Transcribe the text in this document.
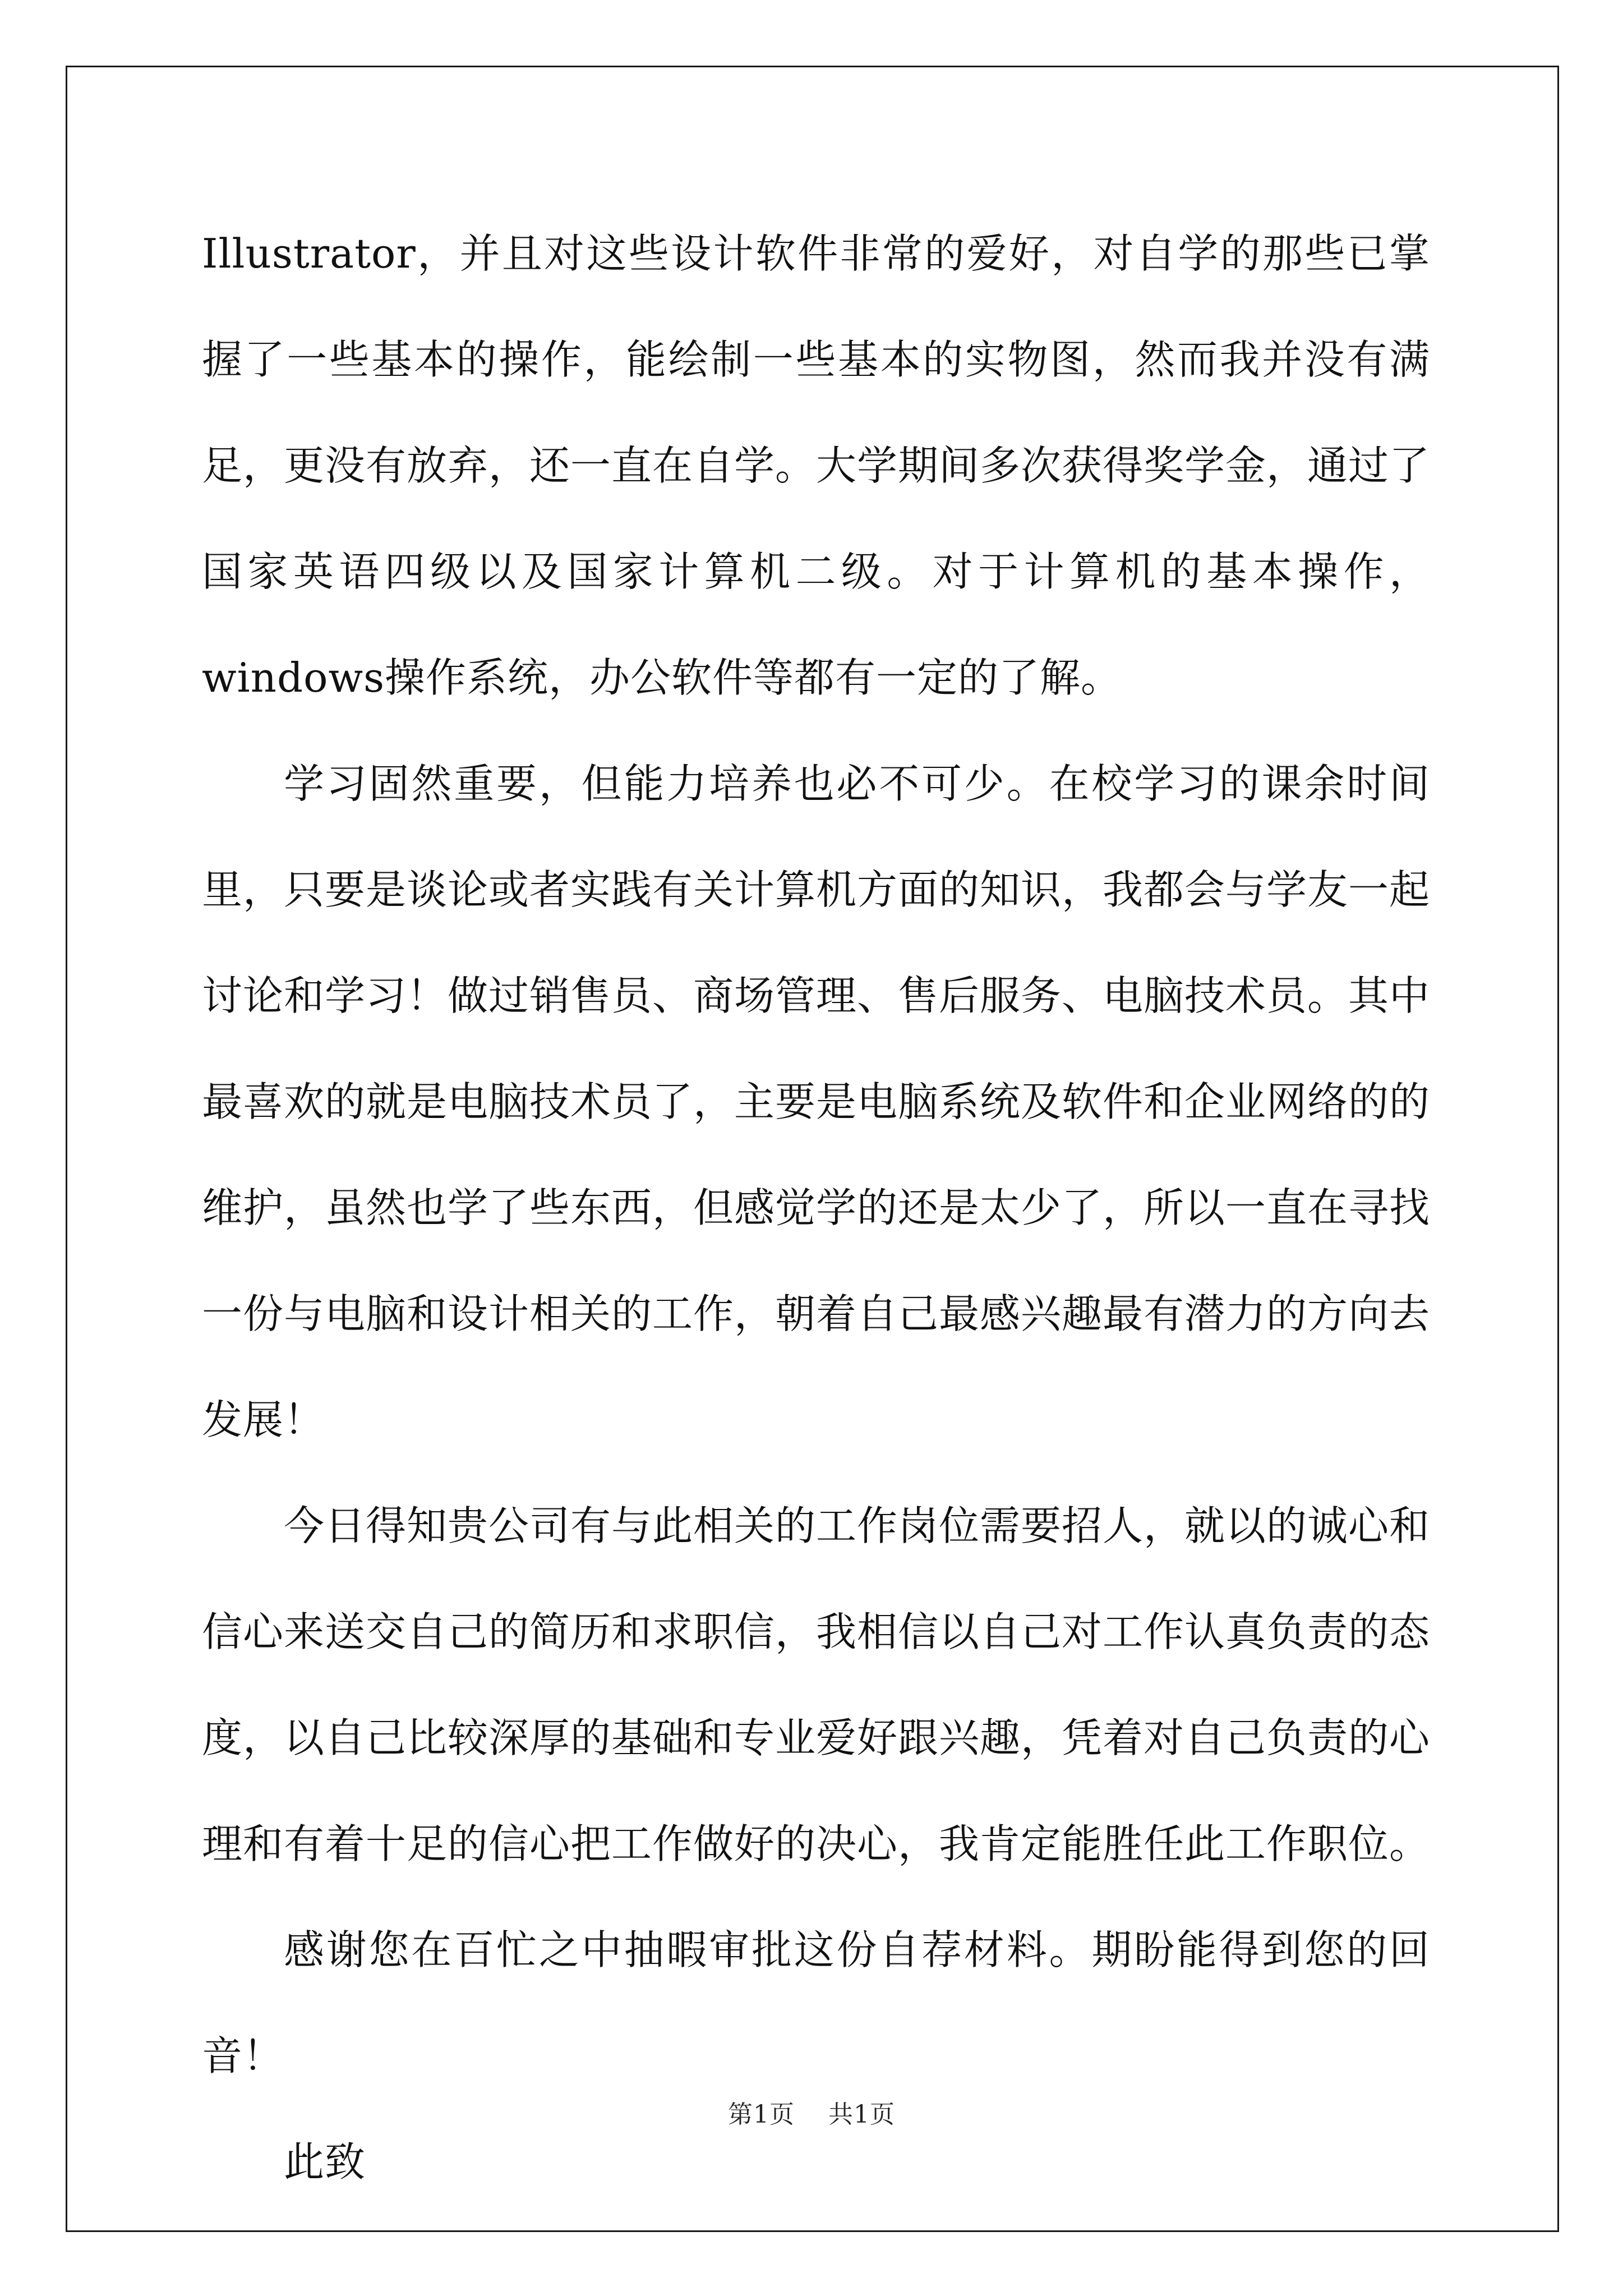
Illustrator，并且对这些设计软件非常的爱好，对自学的那些已掌握了一些基本的操作，能绘制一些基本的实物图，然而我并没有满足，更没有放弃，还一直在自学。大学期间多次获得奖学金，通过了国家英语四级以及国家计算机二级。对于计算机的基本操作，windows操作系统，办公软件等都有一定的了解。

学习固然重要，但能力培养也必不可少。在校学习的课余时间里，只要是谈论或者实践有关计算机方面的知识，我都会与学友一起讨论和学习！做过销售员、商场管理、售后服务、电脑技术员。其中最喜欢的就是电脑技术员了，主要是电脑系统及软件和企业网络的的维护，虽然也学了些东西，但感觉学的还是太少了，所以一直在寻找一份与电脑和设计相关的工作，朝着自己最感兴趣最有潜力的方向去发展！

今日得知贵公司有与此相关的工作岗位需要招人，就以的诚心和信心来送交自己的简历和求职信，我相信以自己对工作认真负责的态度，以自己比较深厚的基础和专业爱好跟兴趣，凭着对自己负责的心理和有着十足的信心把工作做好的决心，我肯定能胜任此工作职位。

感谢您在百忙之中抽暇审批这份自荐材料。期盼能得到您的回音！

此致

第1页 共1页
